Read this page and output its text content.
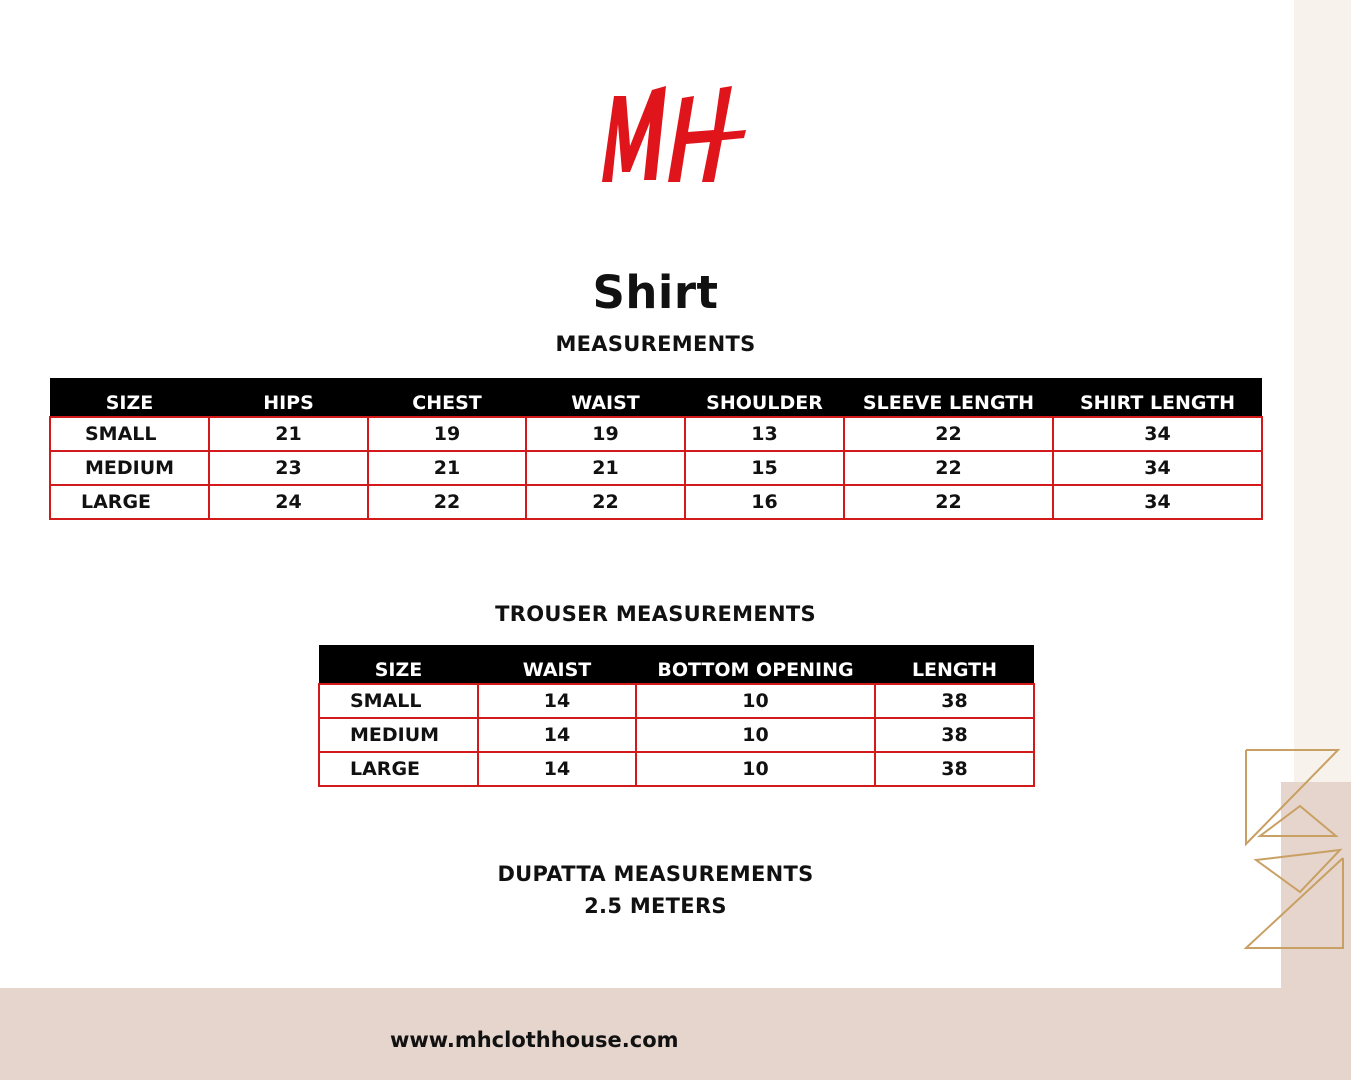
Shirt
MEASUREMENTS
SIZE	HIPS	CHEST	WAIST	SHOULDER	SLEEVE LENGTH	SHIRT LENGTH
SMALL	21	19	19	13	22	34
MEDIUM	23	21	21	15	22	34
LARGE	24	22	22	16	22	34
TROUSER MEASUREMENTS
SIZE	WAIST	BOTTOM OPENING	LENGTH
SMALL	14	10	38
MEDIUM	14	10	38
LARGE	14	10	38
DUPATTA MEASUREMENTS
2.5 METERS
www.mhclothhouse.com
